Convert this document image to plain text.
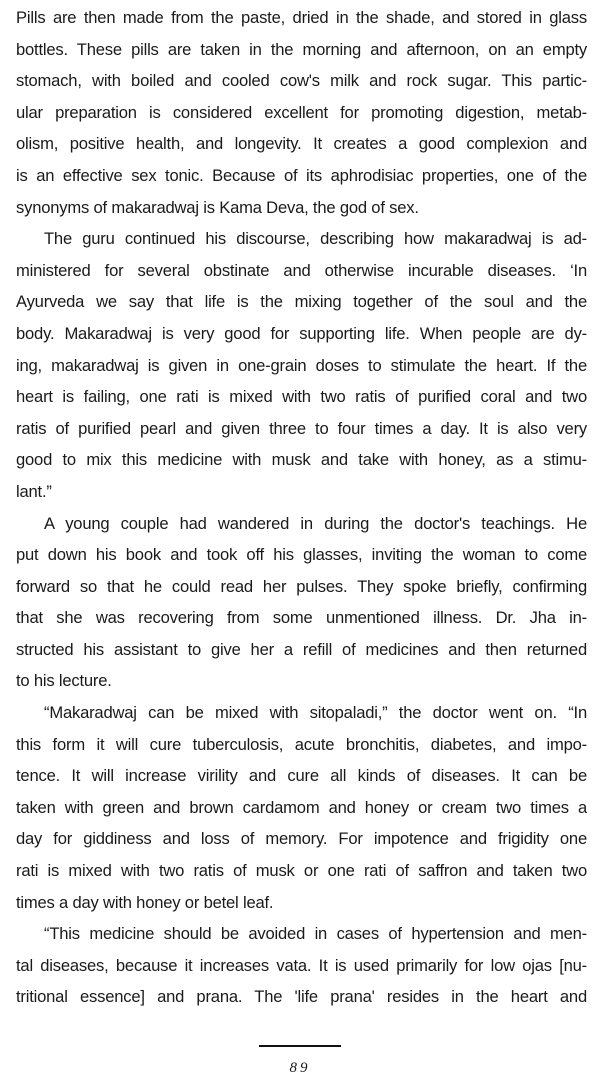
Pills are then made from the paste, dried in the shade, and stored in glass
bottles. These pills are taken in the morning and afternoon, on an empty
stomach, with boiled and cooled cow's milk and rock sugar. This partic-
ular preparation is considered excellent for promoting digestion, metab-
olism, positive health, and longevity. It creates a good complexion and
is an effective sex tonic. Because of its aphrodisiac properties, one of the
synonyms of makaradwaj is Kama Deva, the god of sex.
The guru continued his discourse, describing how makaradwaj is ad-
ministered for several obstinate and otherwise incurable diseases. ‘In
Ayurveda we say that life is the mixing together of the soul and the
body. Makaradwaj is very good for supporting life. When people are dy-
ing, makaradwaj is given in one-grain doses to stimulate the heart. If the
heart is failing, one rati is mixed with two ratis of purified coral and two
ratis of purified pearl and given three to four times a day. It is also very
good to mix this medicine with musk and take with honey, as a stimu-
lant.”
A young couple had wandered in during the doctor's teachings. He
put down his book and took off his glasses, inviting the woman to come
forward so that he could read her pulses. They spoke briefly, confirming
that she was recovering from some unmentioned illness. Dr. Jha in-
structed his assistant to give her a refill of medicines and then returned
to his lecture.
“Makaradwaj can be mixed with sitopaladi,” the doctor went on. “In
this form it will cure tuberculosis, acute bronchitis, diabetes, and impo-
tence. It will increase virility and cure all kinds of diseases. It can be
taken with green and brown cardamom and honey or cream two times a
day for giddiness and loss of memory. For impotence and frigidity one
rati is mixed with two ratis of musk or one rati of saffron and taken two
times a day with honey or betel leaf.
“This medicine should be avoided in cases of hypertension and men-
tal diseases, because it increases vata. It is used primarily for low ojas [nu-
tritional essence] and prana. The 'life prana' resides in the heart and
89
